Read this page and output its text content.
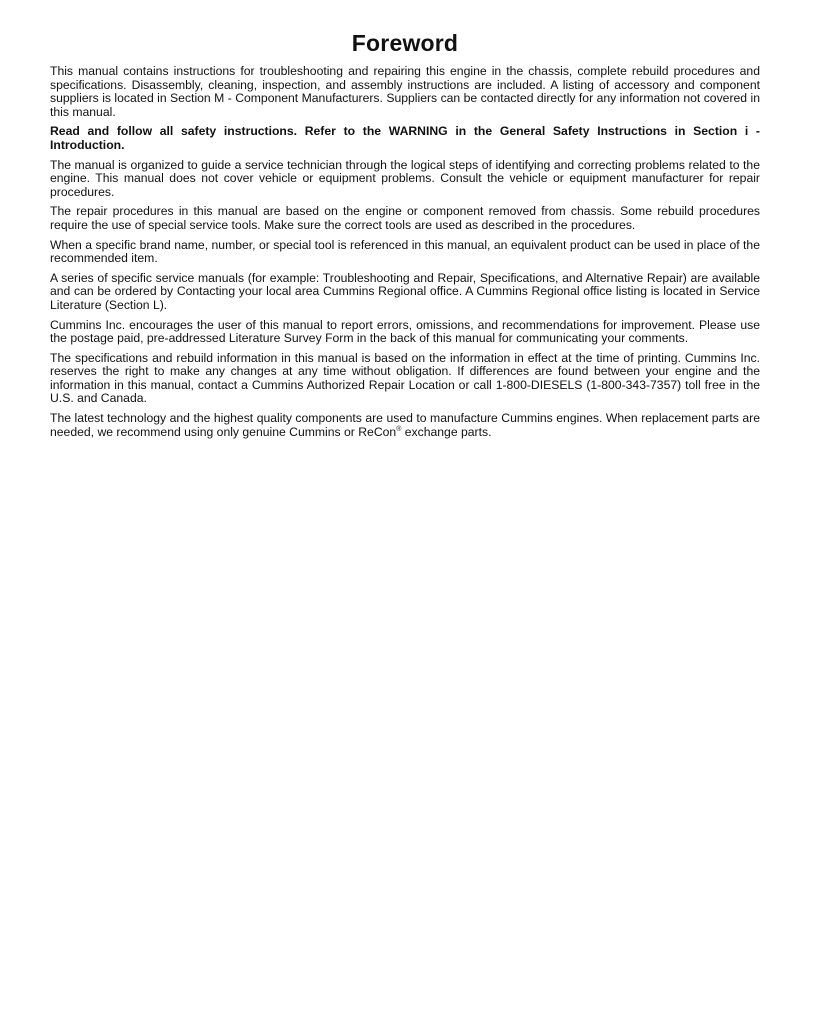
Foreword

This manual contains instructions for troubleshooting and repairing this engine in the chassis, complete rebuild procedures and specifications. Disassembly, cleaning, inspection, and assembly instructions are included. A listing of accessory and component suppliers is located in Section M - Component Manufacturers. Suppliers can be contacted directly for any information not covered in this manual.

Read and follow all safety instructions. Refer to the WARNING in the General Safety Instructions in Section i - Introduction.

The manual is organized to guide a service technician through the logical steps of identifying and correcting problems related to the engine. This manual does not cover vehicle or equipment problems. Consult the vehicle or equipment manufacturer for repair procedures.

The repair procedures in this manual are based on the engine or component removed from chassis. Some rebuild procedures require the use of special service tools. Make sure the correct tools are used as described in the procedures.

When a specific brand name, number, or special tool is referenced in this manual, an equivalent product can be used in place of the recommended item.

A series of specific service manuals (for example: Troubleshooting and Repair, Specifications, and Alternative Repair) are available and can be ordered by Contacting your local area Cummins Regional office. A Cummins Regional office listing is located in Service Literature (Section L).

Cummins Inc. encourages the user of this manual to report errors, omissions, and recommendations for improvement. Please use the postage paid, pre-addressed Literature Survey Form in the back of this manual for communicating your comments.

The specifications and rebuild information in this manual is based on the information in effect at the time of printing. Cummins Inc. reserves the right to make any changes at any time without obligation. If differences are found between your engine and the information in this manual, contact a Cummins Authorized Repair Location or call 1-800-DIESELS (1-800-343-7357) toll free in the U.S. and Canada.

The latest technology and the highest quality components are used to manufacture Cummins engines. When replacement parts are needed, we recommend using only genuine Cummins or ReCon® exchange parts.
